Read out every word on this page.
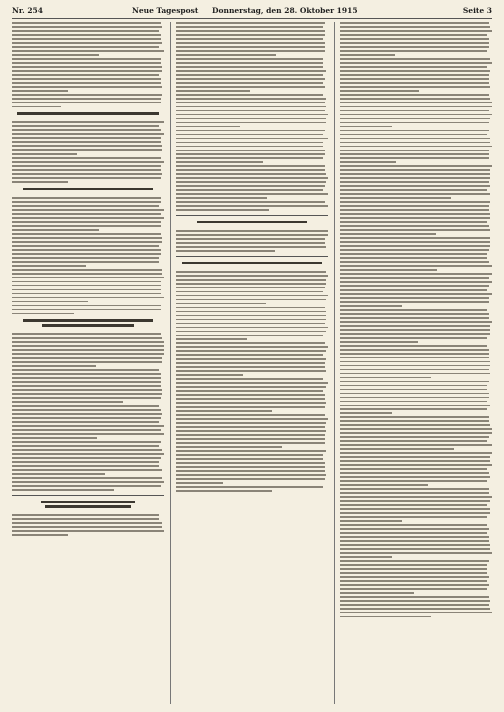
Nr. 254	Neue Tagespost Donnerstag, den 28. Oktober 1915	Seite 3
